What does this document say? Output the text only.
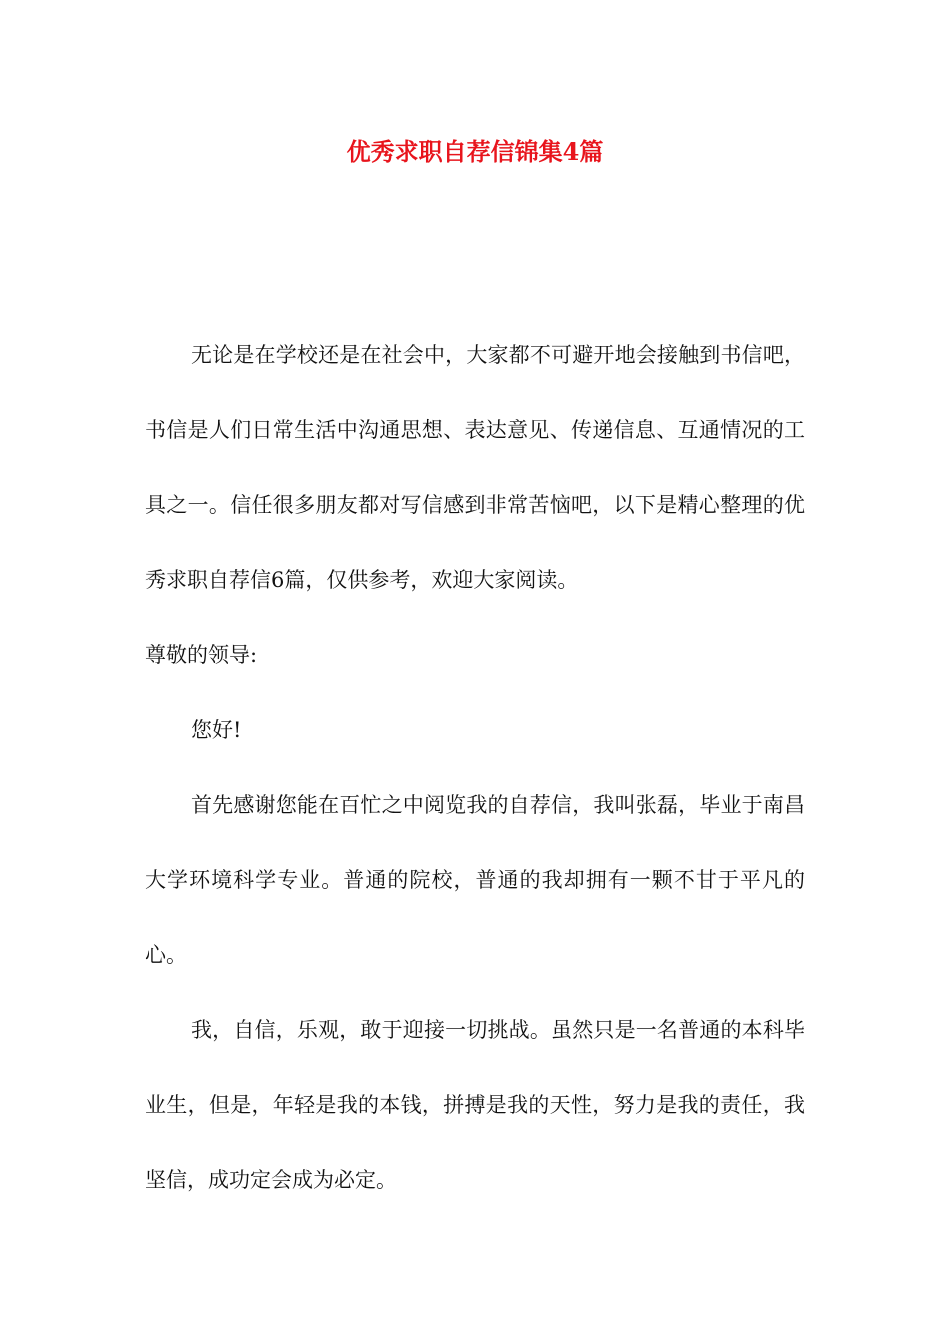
优秀求职自荐信锦集4篇

无论是在学校还是在社会中，大家都不可避开地会接触到书信吧，书信是人们日常生活中沟通思想、表达意见、传递信息、互通情况的工具之一。信任很多朋友都对写信感到非常苦恼吧，以下是精心整理的优秀求职自荐信6篇，仅供参考，欢迎大家阅读。

尊敬的领导:

您好!

首先感谢您能在百忙之中阅览我的自荐信，我叫张磊，毕业于南昌大学环境科学专业。普通的院校，普通的我却拥有一颗不甘于平凡的心。

我，自信，乐观，敢于迎接一切挑战。虽然只是一名普通的本科毕业生，但是，年轻是我的本钱，拼搏是我的天性，努力是我的责任，我坚信，成功定会成为必定。
